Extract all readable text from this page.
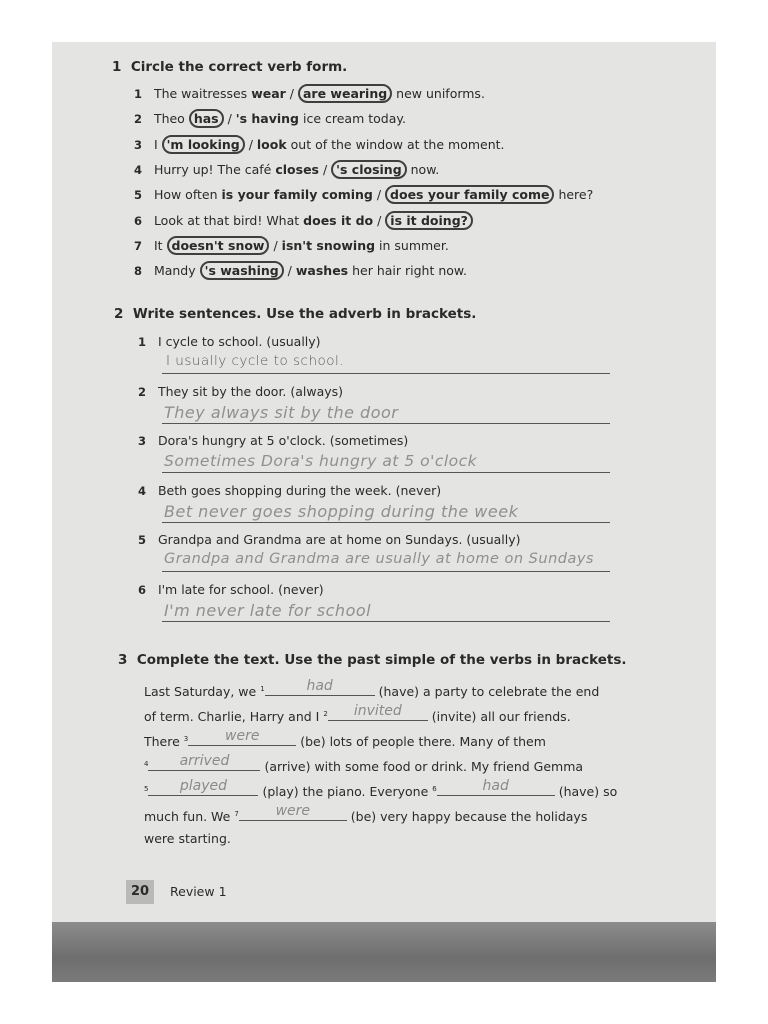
1 Circle the correct verb form.
1 The waitresses wear / are wearing new uniforms.
2 Theo has / 's having ice cream today.
3 I 'm looking / look out of the window at the moment.
4 Hurry up! The café closes / 's closing now.
5 How often is your family coming / does your family come here?
6 Look at that bird! What does it do / is it doing?
7 It doesn't snow / isn't snowing in summer.
8 Mandy 's washing / washes her hair right now.
2 Write sentences. Use the adverb in brackets.
1 I cycle to school. (usually)
I usually cycle to school.
2 They sit by the door. (always)
They always sit by the door
3 Dora's hungry at 5 o'clock. (sometimes)
Sometimes Dora's hungry at 5 o'clock
4 Beth goes shopping during the week. (never)
Bet never goes shopping during the week
5 Grandpa and Grandma are at home on Sundays. (usually)
Grandpa and Grandma are usually at home on Sundays
6 I'm late for school. (never)
I'm never late for school
3 Complete the text. Use the past simple of the verbs in brackets.
Last Saturday, we $^1$	had	(have) a party to celebrate the end
of term. Charlie, Harry and I $^2$	invited	(invite) all our friends.
There $^3$	were	(be) lots of people there. Many of them
$^4$	arrived	(arrive) with some food or drink. My friend Gemma
$^5$	played	(play) the piano. Everyone $^6$	had	(have) so
much fun. We $^7$	were	(be) very happy because the holidays
were starting.
20	Review 1
